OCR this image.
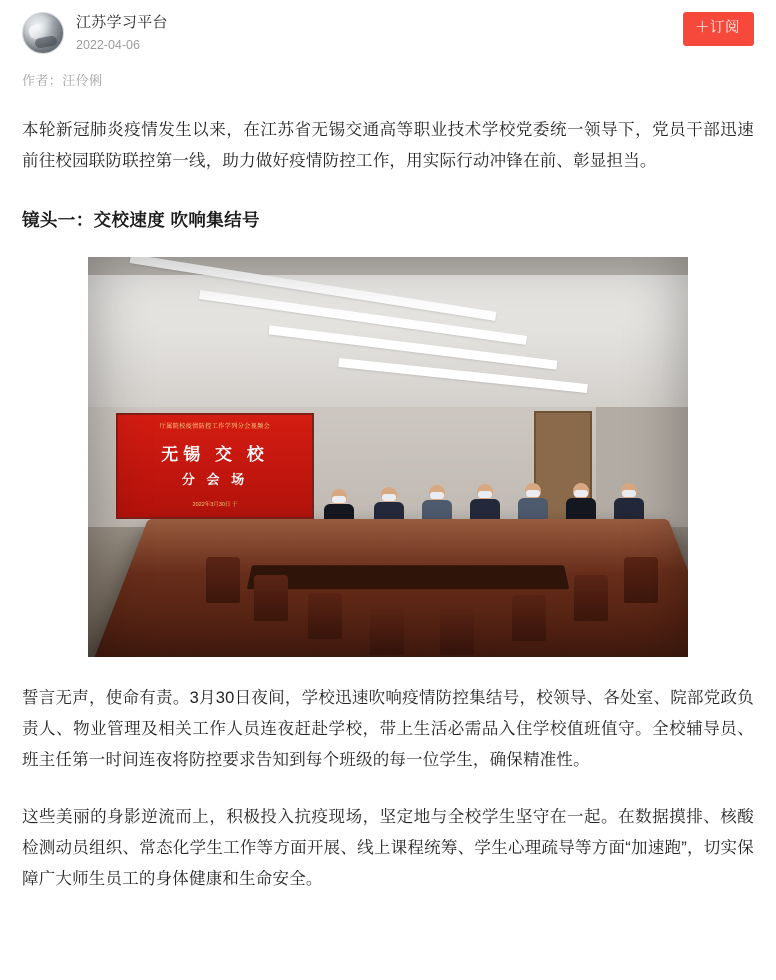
江苏学习平台
2022-04-06
＋订阅
作者：汪伶俐

本轮新冠肺炎疫情发生以来，在江苏省无锡交通高等职业技术学校党委统一领导下，党员干部迅速前往校园联防联控第一线，助力做好疫情防控工作，用实际行动冲锋在前、彰显担当。

镜头一：交校速度 吹响集结号
厅属院校疫情防控工作学列分会视频会
无锡 交 校
分 会 场
2022年3月30日 于

誓言无声，使命有责。3月30日夜间，学校迅速吹响疫情防控集结号，校领导、各处室、院部党政负责人、物业管理及相关工作人员连夜赶赴学校，带上生活必需品入住学校值班值守。全校辅导员、班主任第一时间连夜将防控要求告知到每个班级的每一位学生，确保精准性。

这些美丽的身影逆流而上，积极投入抗疫现场，坚定地与全校学生坚守在一起。在数据摸排、核酸检测动员组织、常态化学生工作等方面开展、线上课程统筹、学生心理疏导等方面“加速跑”，切实保障广大师生员工的身体健康和生命安全。
